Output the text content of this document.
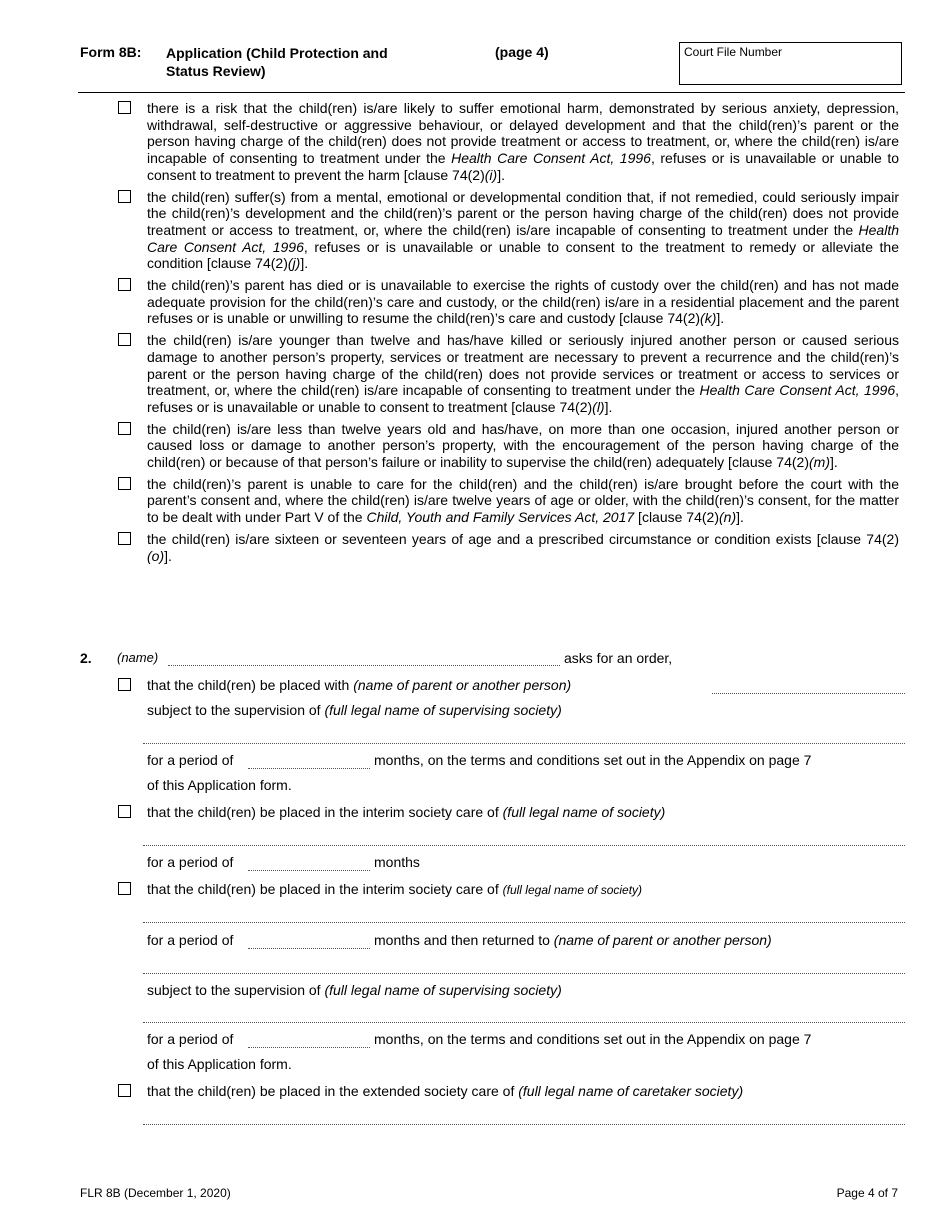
Form 8B: Application (Child Protection and Status Review)
(page 4)	Court File Number
there is a risk that the child(ren) is/are likely to suffer emotional harm, demonstrated by serious anxiety, depression, withdrawal, self-destructive or aggressive behaviour, or delayed development and that the child(ren)’s parent or the person having charge of the child(ren) does not provide treatment or access to treatment, or, where the child(ren) is/are incapable of consenting to treatment under the Health Care Consent Act, 1996, refuses or is unavailable or unable to consent to treatment to prevent the harm [clause 74(2)(i)].
the child(ren) suffer(s) from a mental, emotional or developmental condition that, if not remedied, could seriously impair the child(ren)’s development and the child(ren)’s parent or the person having charge of the child(ren) does not provide treatment or access to treatment, or, where the child(ren) is/are incapable of consenting to treatment under the Health Care Consent Act, 1996, refuses or is unavailable or unable to consent to the treatment to remedy or alleviate the condition [clause 74(2)(j)].
the child(ren)’s parent has died or is unavailable to exercise the rights of custody over the child(ren) and has not made adequate provision for the child(ren)’s care and custody, or the child(ren) is/are in a residential placement and the parent refuses or is unable or unwilling to resume the child(ren)’s care and custody [clause 74(2)(k)].
the child(ren) is/are younger than twelve and has/have killed or seriously injured another person or caused serious damage to another person’s property, services or treatment are necessary to prevent a recurrence and the child(ren)’s parent or the person having charge of the child(ren) does not provide services or treatment or access to services or treatment, or, where the child(ren) is/are incapable of consenting to treatment under the Health Care Consent Act, 1996, refuses or is unavailable or unable to consent to treatment [clause 74(2)(l)].
the child(ren) is/are less than twelve years old and has/have, on more than one occasion, injured another person or caused loss or damage to another person’s property, with the encouragement of the person having charge of the child(ren) or because of that person’s failure or inability to supervise the child(ren) adequately [clause 74(2)(m)].
the child(ren)’s parent is unable to care for the child(ren) and the child(ren) is/are brought before the court with the parent’s consent and, where the child(ren) is/are twelve years of age or older, with the child(ren)’s consent, for the matter to be dealt with under Part V of the Child, Youth and Family Services Act, 2017 [clause 74(2)(n)].
the child(ren) is/are sixteen or seventeen years of age and a prescribed circumstance or condition exists [clause 74(2)(o)].
2. (name)	asks for an order,
that the child(ren) be placed with (name of parent or another person)
subject to the supervision of (full legal name of supervising society)
for a period of	months, on the terms and conditions set out in the Appendix on page 7
of this Application form.
that the child(ren) be placed in the interim society care of (full legal name of society)
for a period of	months
that the child(ren) be placed in the interim society care of (full legal name of society)
for a period of	months and then returned to (name of parent or another person)
subject to the supervision of (full legal name of supervising society)
for a period of	months, on the terms and conditions set out in the Appendix on page 7
of this Application form.
that the child(ren) be placed in the extended society care of (full legal name of caretaker society)
FLR 8B (December 1, 2020)	Page 4 of 7
